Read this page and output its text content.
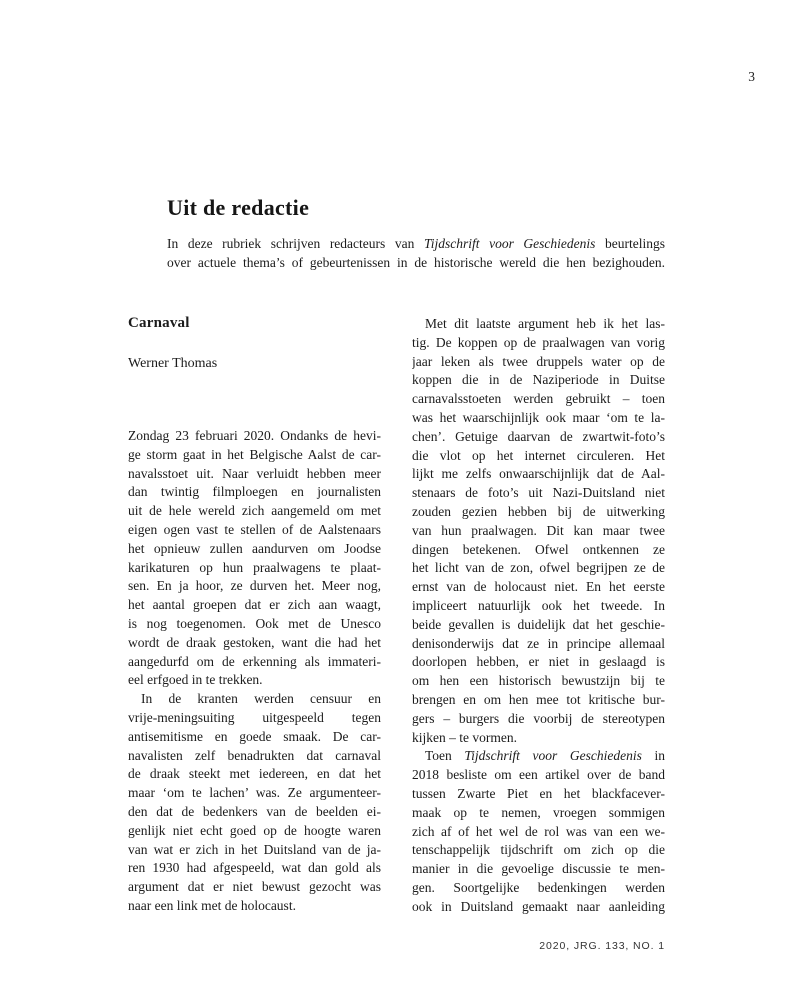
3
Uit de redactie
In deze rubriek schrijven redacteurs van Tijdschrift voor Geschiedenis beurtelings
over actuele thema’s of gebeurtenissen in de historische wereld die hen bezighouden.
Carnaval
Werner Thomas
Zondag 23 februari 2020. Ondanks de hevi-
ge storm gaat in het Belgische Aalst de car-
navalsstoet uit. Naar verluidt hebben meer
dan twintig filmploegen en journalisten
uit de hele wereld zich aangemeld om met
eigen ogen vast te stellen of de Aalstenaars
het opnieuw zullen aandurven om Joodse
karikaturen op hun praalwagens te plaat-
sen. En ja hoor, ze durven het. Meer nog,
het aantal groepen dat er zich aan waagt,
is nog toegenomen. Ook met de Unesco
wordt de draak gestoken, want die had het
aangedurfd om de erkenning als immateri-
eel erfgoed in te trekken.
In de kranten werden censuur en
vrije-meningsuiting uitgespeeld tegen
antisemitisme en goede smaak. De car-
navalisten zelf benadrukten dat carnaval
de draak steekt met iedereen, en dat het
maar ‘om te lachen’ was. Ze argumenteer-
den dat de bedenkers van de beelden ei-
genlijk niet echt goed op de hoogte waren
van wat er zich in het Duitsland van de ja-
ren 1930 had afgespeeld, wat dan gold als
argument dat er niet bewust gezocht was
naar een link met de holocaust.
Met dit laatste argument heb ik het las-
tig. De koppen op de praalwagen van vorig
jaar leken als twee druppels water op de
koppen die in de Naziperiode in Duitse
carnavalsstoeten werden gebruikt – toen
was het waarschijnlijk ook maar ‘om te la-
chen’. Getuige daarvan de zwartwit-foto’s
die vlot op het internet circuleren. Het
lijkt me zelfs onwaarschijnlijk dat de Aal-
stenaars de foto’s uit Nazi-Duitsland niet
zouden gezien hebben bij de uitwerking
van hun praalwagen. Dit kan maar twee
dingen betekenen. Ofwel ontkennen ze
het licht van de zon, ofwel begrijpen ze de
ernst van de holocaust niet. En het eerste
impliceert natuurlijk ook het tweede. In
beide gevallen is duidelijk dat het geschie-
denisonderwijs dat ze in principe allemaal
doorlopen hebben, er niet in geslaagd is
om hen een historisch bewustzijn bij te
brengen en om hen mee tot kritische bur-
gers – burgers die voorbij de stereotypen
kijken – te vormen.
Toen Tijdschrift voor Geschiedenis in
2018 besliste om een artikel over de band
tussen Zwarte Piet en het blackfacever-
maak op te nemen, vroegen sommigen
zich af of het wel de rol was van een we-
tenschappelijk tijdschrift om zich op die
manier in die gevoelige discussie te men-
gen. Soortgelijke bedenkingen werden
ook in Duitsland gemaakt naar aanleiding
2020, JRG. 133, NO. 1
